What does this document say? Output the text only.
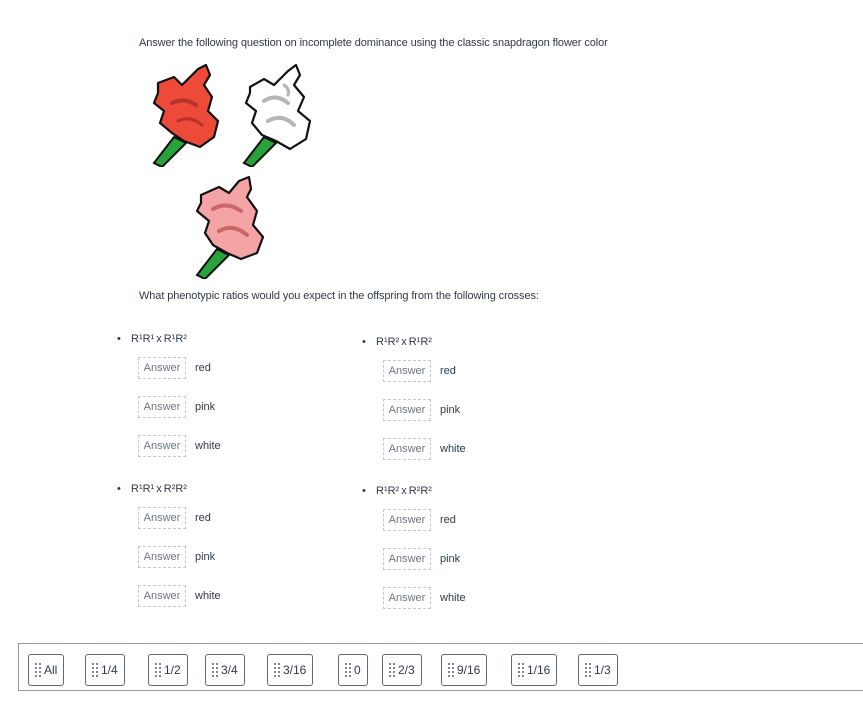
Answer the following question on incomplete dominance using the classic snapdragon flower color
What phenotypic ratios would you expect in the offspring from the following crosses:
• R¹R¹ x R¹R²
Answer	red
Answer	pink
Answer	white
• R¹R² x R¹R²
Answer	red
Answer	pink
Answer	white
• R¹R¹ x R²R²
Answer	red
Answer	pink
Answer	white
• R¹R² x R²R²
Answer	red
Answer	pink
Answer	white
All	1/4	1/2	3/4	3/16	0	2/3	9/16	1/16	1/3
